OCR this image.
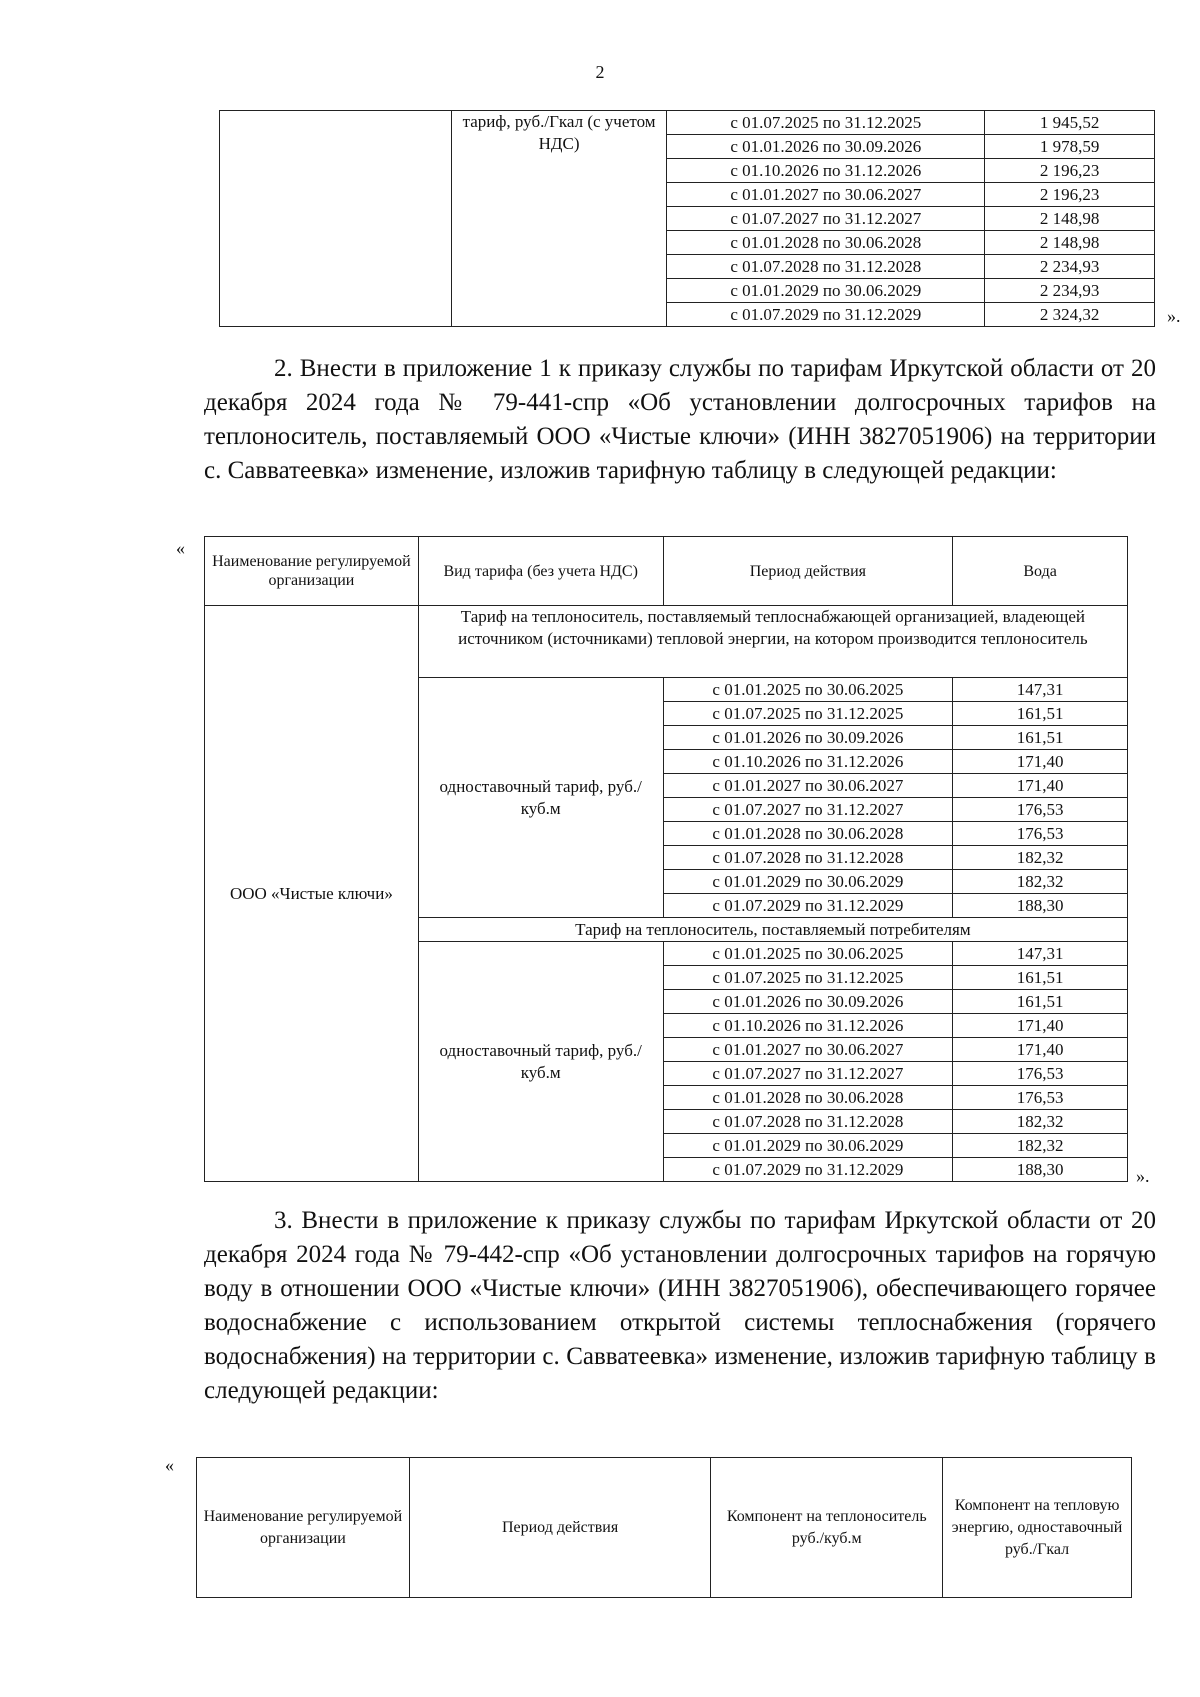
2
	тариф, руб./Гкал (с учетом НДС)	с 01.07.2025 по 31.12.2025	1 945,52
		с 01.01.2026 по 30.09.2026	1 978,59
		с 01.10.2026 по 31.12.2026	2 196,23
		с 01.01.2027 по 30.06.2027	2 196,23
		с 01.07.2027 по 31.12.2027	2 148,98
		с 01.01.2028 по 30.06.2028	2 148,98
		с 01.07.2028 по 31.12.2028	2 234,93
		с 01.01.2029 по 30.06.2029	2 234,93
		с 01.07.2029 по 31.12.2029	2 324,32	».
2. Внести в приложение 1 к приказу службы по тарифам Иркутской области от 20 декабря 2024 года № 79-441-спр «Об установлении долгосрочных тарифов на теплоноситель, поставляемый ООО «Чистые ключи» (ИНН 3827051906) на территории с. Савватеевка» изменение, изложив тарифную таблицу в следующей редакции:
«
Наименование регулируемой организации	Вид тарифа (без учета НДС)	Период действия	Вода
ООО «Чистые ключи»	Тариф на теплоноситель, поставляемый теплоснабжающей организацией, владеющей источником (источниками) тепловой энергии, на котором производится теплоноситель		
	одноставочный тариф, руб./куб.м	с 01.01.2025 по 30.06.2025	147,31
		с 01.07.2025 по 31.12.2025	161,51
		с 01.01.2026 по 30.09.2026	161,51
		с 01.10.2026 по 31.12.2026	171,40
		с 01.01.2027 по 30.06.2027	171,40
		с 01.07.2027 по 31.12.2027	176,53
		с 01.01.2028 по 30.06.2028	176,53
		с 01.07.2028 по 31.12.2028	182,32
		с 01.01.2029 по 30.06.2029	182,32
		с 01.07.2029 по 31.12.2029	188,30
	Тариф на теплоноситель, поставляемый потребителям		
	одноставочный тариф, руб./куб.м	с 01.01.2025 по 30.06.2025	147,31
		с 01.07.2025 по 31.12.2025	161,51
		с 01.01.2026 по 30.09.2026	161,51
		с 01.10.2026 по 31.12.2026	171,40
		с 01.01.2027 по 30.06.2027	171,40
		с 01.07.2027 по 31.12.2027	176,53
		с 01.01.2028 по 30.06.2028	176,53
		с 01.07.2028 по 31.12.2028	182,32
		с 01.01.2029 по 30.06.2029	182,32
		с 01.07.2029 по 31.12.2029	188,30	».
3. Внести в приложение к приказу службы по тарифам Иркутской области от 20 декабря 2024 года № 79-442-спр «Об установлении долгосрочных тарифов на горячую воду в отношении ООО «Чистые ключи» (ИНН 3827051906), обеспечивающего горячее водоснабжение с использованием открытой системы теплоснабжения (горячего водоснабжения) на территории с. Савватеевка» изменение, изложив тарифную таблицу в следующей редакции:
«
Наименование регулируемой организации	Период действия	Компонент на теплоноситель руб./куб.м	Компонент на тепловую энергию, одноставочный руб./Гкал
